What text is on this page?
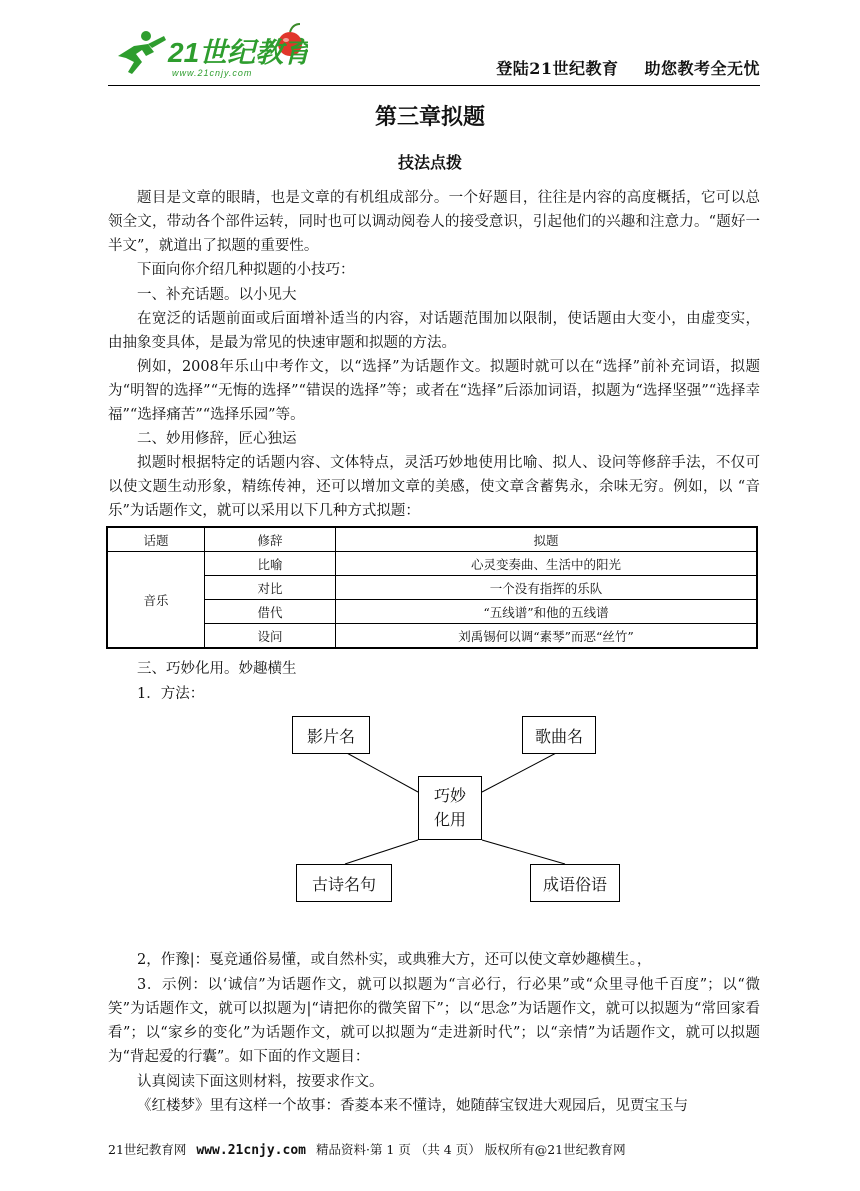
21世纪教育
www.21cnjy.com	登陆21世纪教育 助您教考全无忧
第三章拟题
技法点拨

题目是文章的眼睛，也是文章的有机组成部分。一个好题目，往往是内容的高度概括，它可以总领全文，带动各个部件运转，同时也可以调动阅卷人的接受意识，引起他们的兴趣和注意力。“题好一半文”，就道出了拟题的重要性。

下面向你介绍几种拟题的小技巧：

一、补充话题。以小见大

在宽泛的话题前面或后面增补适当的内容，对话题范围加以限制，使话题由大变小，由虚变实，由抽象变具体，是最为常见的快速审题和拟题的方法。

例如，2008年乐山中考作文，以“选择”为话题作文。拟题时就可以在“选择”前补充词语，拟题为“明智的选择”“无悔的选择”“错误的选择”等；或者在“选择”后添加词语，拟题为“选择坚强”“选择幸福”“选择痛苦”“选择乐园”等。

二、妙用修辞，匠心独运

拟题时根据特定的话题内容、文体特点，灵活巧妙地使用比喻、拟人、设问等修辞手法，不仅可以使文题生动形象，精练传神，还可以增加文章的美感，使文章含蓄隽永，余味无穷。例如，以 “音乐”为话题作文，就可以采用以下几种方式拟题：

话题	修辞	拟题
音乐	比喻	心灵变奏曲、生活中的阳光
	对比	一个没有指挥的乐队
	借代	“五线谱”和他的五线谱
	设问	刘禹锡何以调“素琴”而恶“丝竹”

三、巧妙化用。妙趣横生

1．方法：

影片名	歌曲名
巧妙
化用
古诗名句	成语俗语

2，作豫|：戛竞通俗易懂，或自然朴实，或典雅大方，还可以使文章妙趣横生。，

3．示例：以‘诚信”为话题作文，就可以拟题为“言必行，行必果”或“众里寻他千百度”；以“微笑”为话题作文，就可以拟题为|“请把你的微笑留下”；以“思念”为话题作文，就可以拟题为“常回家看看”；以“家乡的变化”为话题作文，就可以拟题为“走进新时代”；以“亲情”为话题作文，就可以拟题为“背起爱的行囊”。如下面的作文题目：

认真阅读下面这则材料，按要求作文。

《红楼梦》里有这样一个故事：香菱本来不懂诗，她随薛宝钗进大观园后，见贾宝玉与

21世纪教育网 www.21cnjy.com 精品资料·第 1 页 （共 4 页） 版权所有@21世纪教育网
